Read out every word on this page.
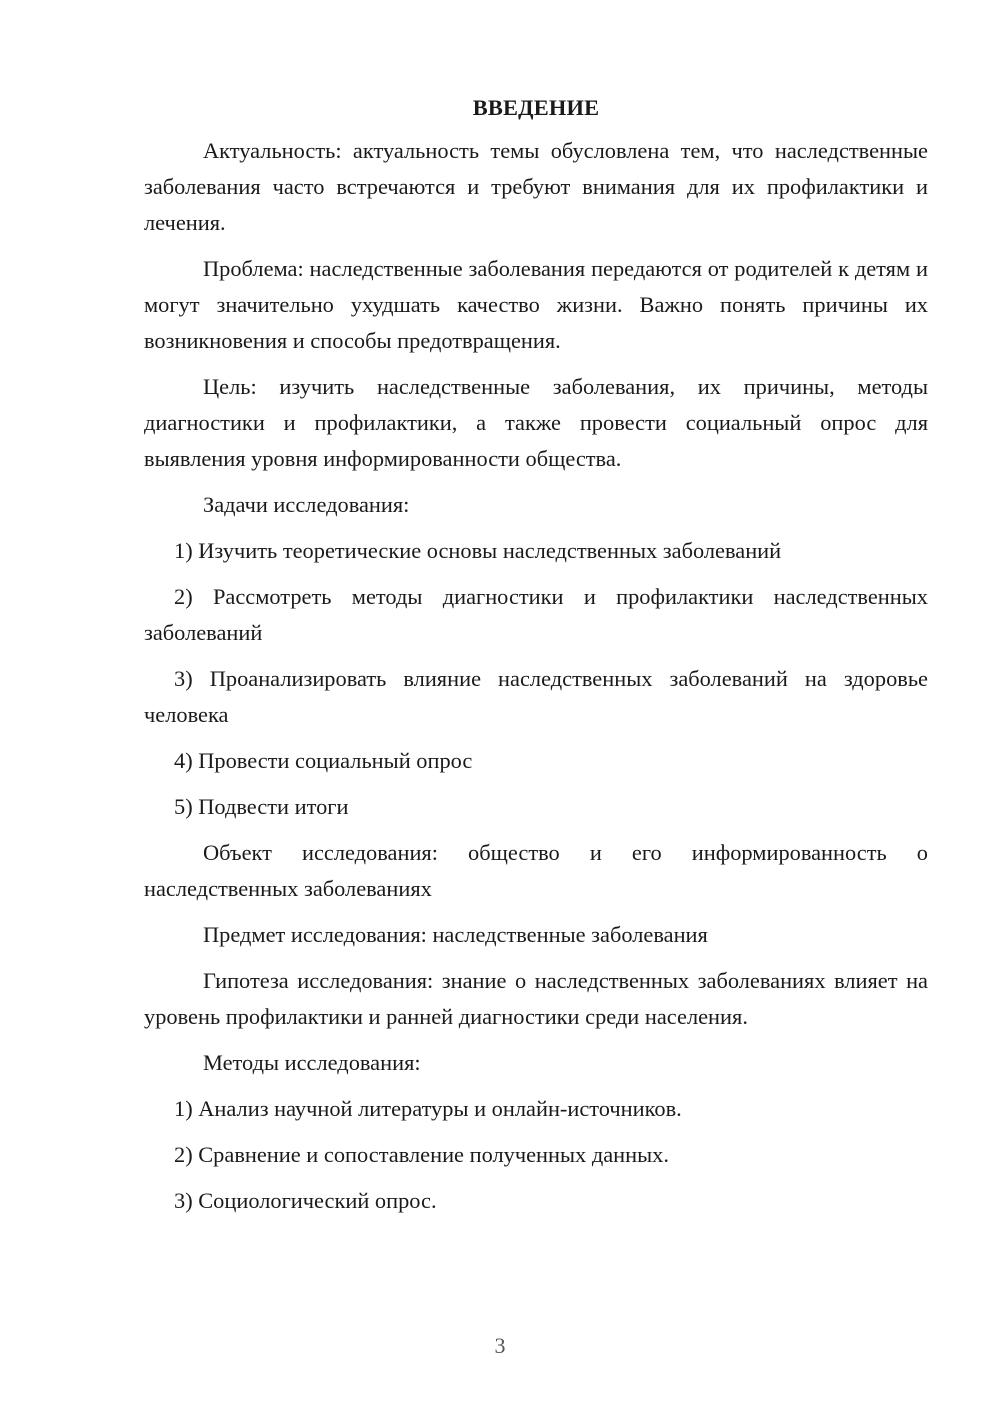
ВВЕДЕНИЕ

Актуальность: актуальность темы обусловлена тем, что наследственные заболевания часто встречаются и требуют внимания для их профилактики и лечения.

Проблема: наследственные заболевания передаются от родителей к детям и могут значительно ухудшать качество жизни. Важно понять причины их возникновения и способы предотвращения.

Цель: изучить наследственные заболевания, их причины, методы диагностики и профилактики, а также провести социальный опрос для выявления уровня информированности общества.

Задачи исследования:

1) Изучить теоретические основы наследственных заболеваний

2) Рассмотреть методы диагностики и профилактики наследственных заболеваний

3) Проанализировать влияние наследственных заболеваний на здоровье человека

4) Провести социальный опрос

5) Подвести итоги

Объект исследования: общество и его информированность о наследственных заболеваниях

Предмет исследования: наследственные заболевания

Гипотеза исследования: знание о наследственных заболеваниях влияет на уровень профилактики и ранней диагностики среди населения.

Методы исследования:

1) Анализ научной литературы и онлайн-источников.

2) Сравнение и сопоставление полученных данных.

3) Социологический опрос.

3
